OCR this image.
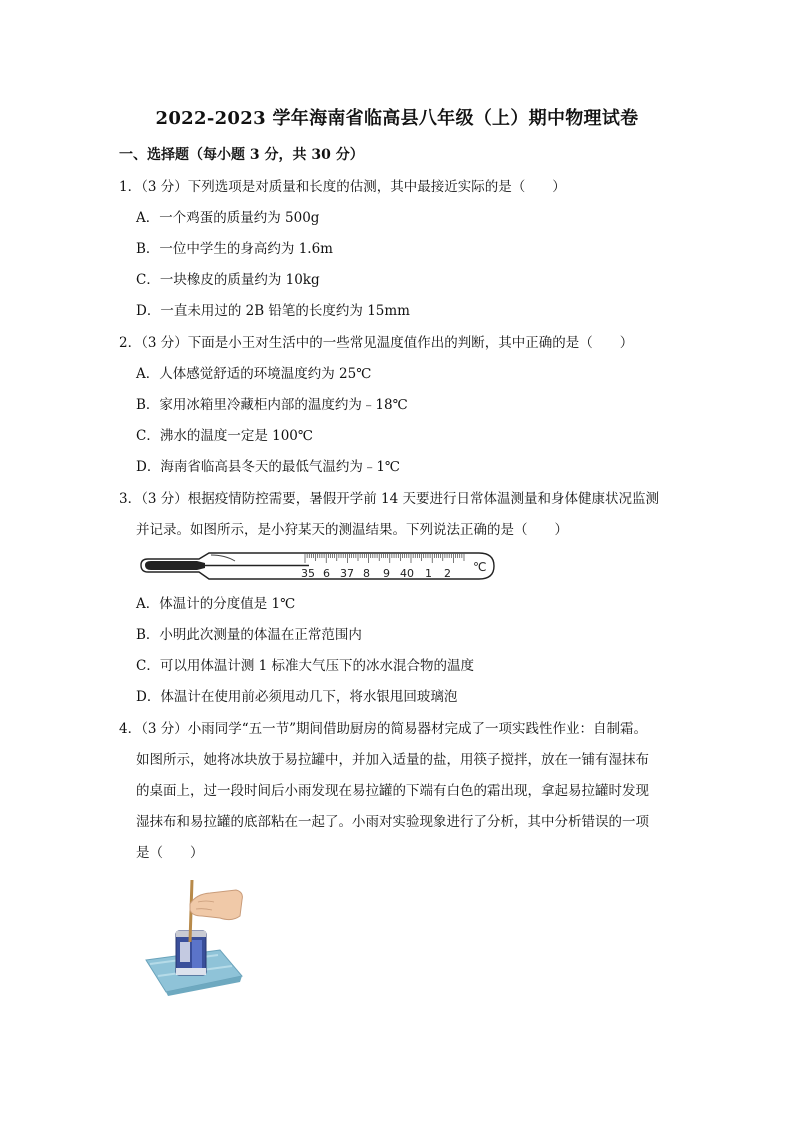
2022-2023 学年海南省临高县八年级（上）期中物理试卷
一、选择题（每小题 3 分，共 30 分）
1．（3 分）下列选项是对质量和长度的估测，其中最接近实际的是（　　）
A．一个鸡蛋的质量约为 500g
B．一位中学生的身高约为 1.6m
C．一块橡皮的质量约为 10kg
D．一直未用过的 2B 铅笔的长度约为 15mm
2．（3 分）下面是小王对生活中的一些常见温度值作出的判断，其中正确的是（　　）
A．人体感觉舒适的环境温度约为 25℃
B．家用冰箱里冷藏柜内部的温度约为﹣18℃
C．沸水的温度一定是 100℃
D．海南省临高县冬天的最低气温约为﹣1℃
3．（3 分）根据疫情防控需要，暑假开学前 14 天要进行日常体温测量和身体健康状况监测
并记录。如图所示，是小狩某天的测温结果。下列说法正确的是（　　）
35 6 37 8 9 40 1 2 ℃
A．体温计的分度值是 1℃
B．小明此次测量的体温在正常范围内
C．可以用体温计测 1 标准大气压下的冰水混合物的温度
D．体温计在使用前必须甩动几下，将水银甩回玻璃泡
4．（3 分）小雨同学“五一节”期间借助厨房的简易器材完成了一项实践性作业：自制霜。
如图所示，她将冰块放于易拉罐中，并加入适量的盐，用筷子搅拌，放在一铺有湿抹布
的桌面上，过一段时间后小雨发现在易拉罐的下端有白色的霜出现，拿起易拉罐时发现
湿抹布和易拉罐的底部粘在一起了。小雨对实验现象进行了分析，其中分析错误的一项
是（　　）
